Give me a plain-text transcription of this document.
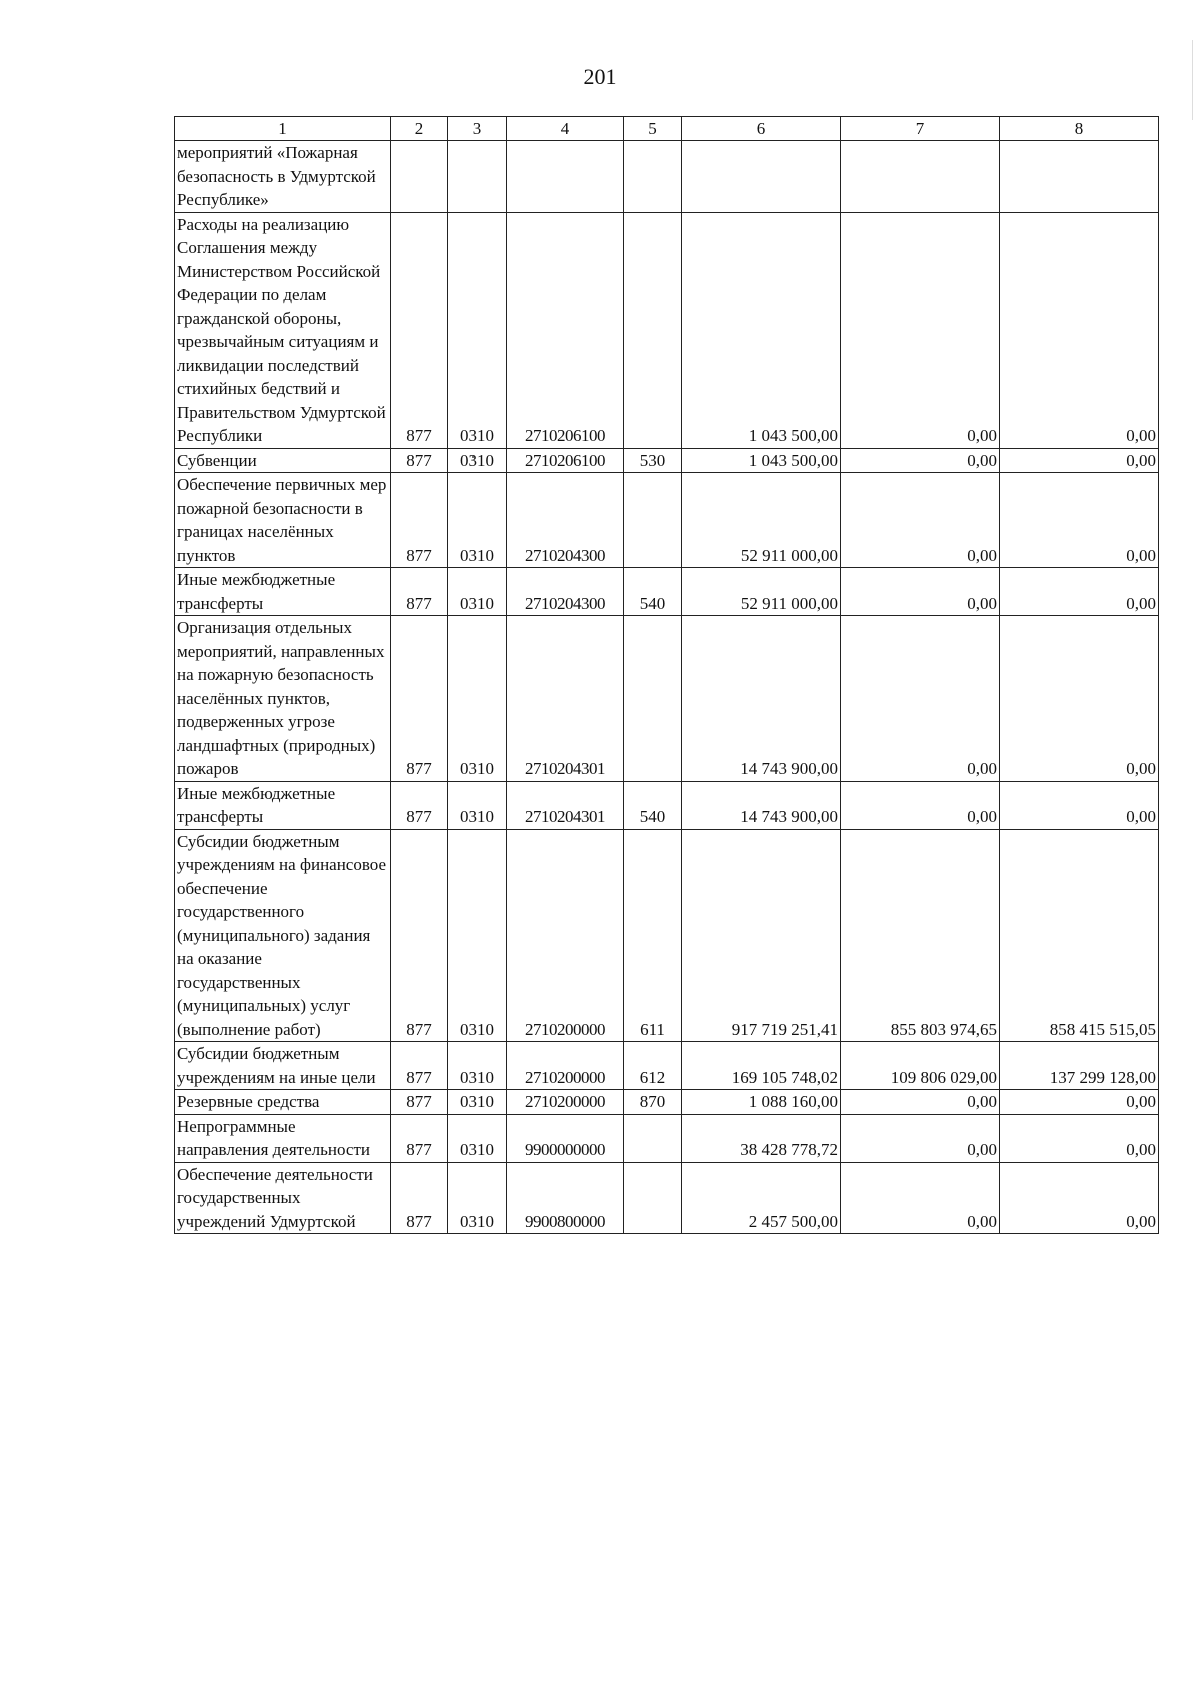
201
1	2	3	4	5	6	7	8
мероприятий «Пожарная безопасность в Удмуртской Республике»							
Расходы на реализацию Соглашения между Министерством Российской Федерации по делам гражданской обороны, чрезвычайным ситуациям и ликвидации последствий стихийных бедствий и Правительством Удмуртской Республики	877	0310	2710206100		1 043 500,00	0,00	0,00
Субвенции	877	0310	2710206100	530	1 043 500,00	0,00	0,00
Обеспечение первичных мер пожарной безопасности в границах населённых пунктов	877	0310	2710204300		52 911 000,00	0,00	0,00
Иные межбюджетные трансферты	877	0310	2710204300	540	52 911 000,00	0,00	0,00
Организация отдельных мероприятий, направленных на пожарную безопасность населённых пунктов, подверженных угрозе ландшафтных (природных) пожаров	877	0310	2710204301		14 743 900,00	0,00	0,00
Иные межбюджетные трансферты	877	0310	2710204301	540	14 743 900,00	0,00	0,00
Субсидии бюджетным учреждениям на финансовое обеспечение государственного (муниципального) задания на оказание государственных (муниципальных) услуг (выполнение работ)	877	0310	2710200000	611	917 719 251,41	855 803 974,65	858 415 515,05
Субсидии бюджетным учреждениям на иные цели	877	0310	2710200000	612	169 105 748,02	109 806 029,00	137 299 128,00
Резервные средства	877	0310	2710200000	870	1 088 160,00	0,00	0,00
Непрограммные направления деятельности	877	0310	9900000000		38 428 778,72	0,00	0,00
Обеспечение деятельности государственных учреждений Удмуртской	877	0310	9900800000		2 457 500,00	0,00	0,00
